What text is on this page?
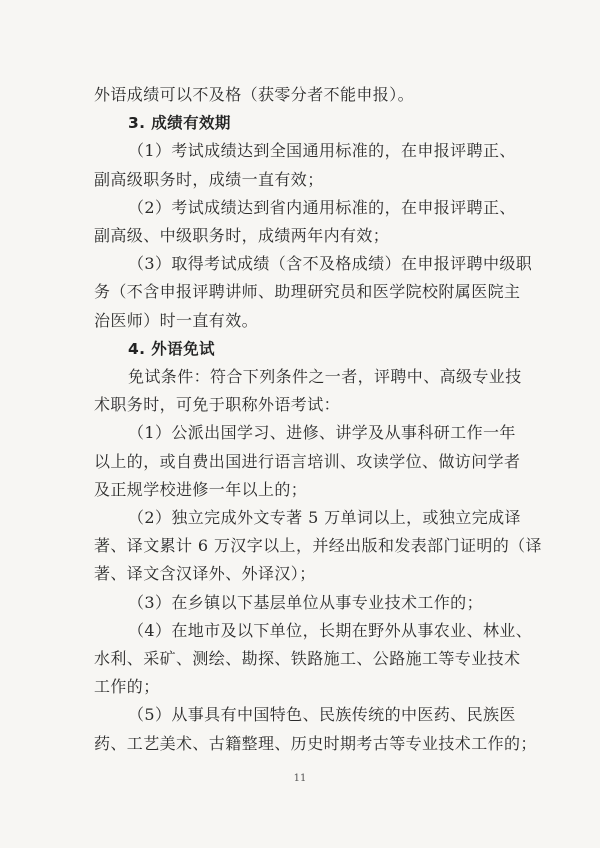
外语成绩可以不及格（获零分者不能申报）。
3. 成绩有效期
（1）考试成绩达到全国通用标准的，在申报评聘正、
副高级职务时，成绩一直有效；
（2）考试成绩达到省内通用标准的，在申报评聘正、
副高级、中级职务时，成绩两年内有效；
（3）取得考试成绩（含不及格成绩）在申报评聘中级职
务（不含申报评聘讲师、助理研究员和医学院校附属医院主
治医师）时一直有效。
4. 外语免试
免试条件：符合下列条件之一者，评聘中、高级专业技
术职务时，可免于职称外语考试：
（1）公派出国学习、进修、讲学及从事科研工作一年
以上的，或自费出国进行语言培训、攻读学位、做访问学者
及正规学校进修一年以上的；
（2）独立完成外文专著 5 万单词以上，或独立完成译
著、译文累计 6 万汉字以上，并经出版和发表部门证明的（译
著、译文含汉译外、外译汉）；
（3）在乡镇以下基层单位从事专业技术工作的；
（4）在地市及以下单位，长期在野外从事农业、林业、
水利、采矿、测绘、勘探、铁路施工、公路施工等专业技术
工作的；
（5）从事具有中国特色、民族传统的中医药、民族医
药、工艺美术、古籍整理、历史时期考古等专业技术工作的；
11
